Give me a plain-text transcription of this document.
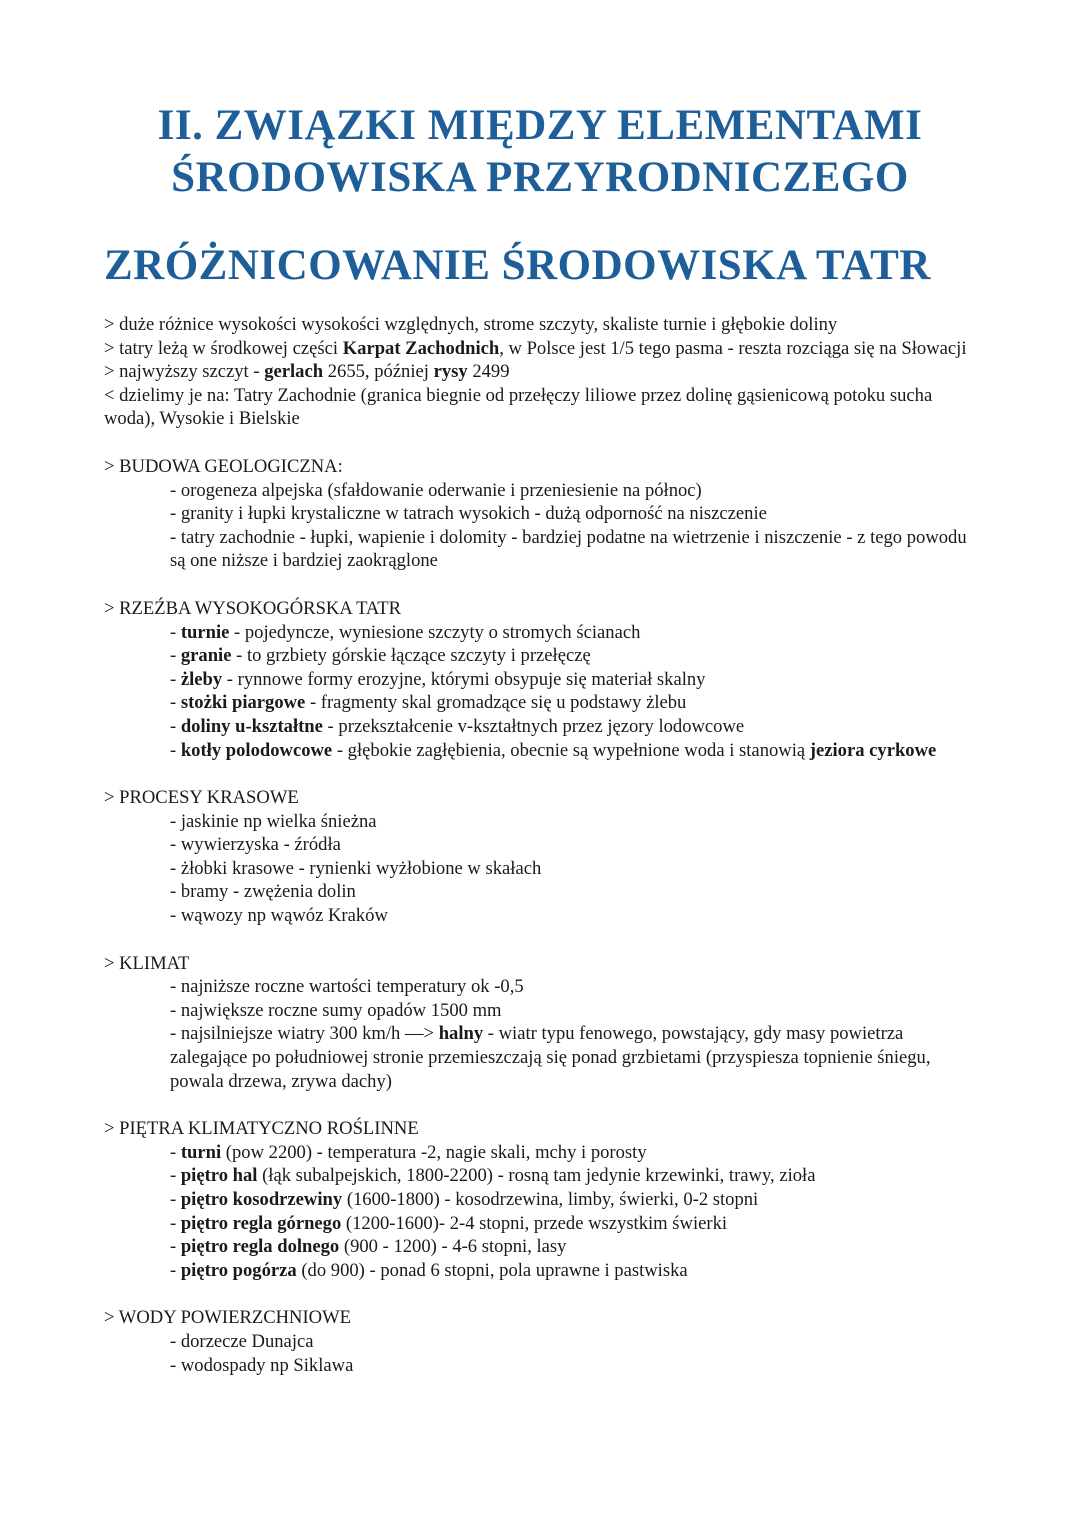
II. ZWIĄZKI MIĘDZY ELEMENTAMI
ŚRODOWISKA PRZYRODNICZEGO
ZRÓŻNICOWANIE ŚRODOWISKA TATR

> duże różnice wysokości wysokości względnych, strome szczyty, skaliste turnie i głębokie doliny

> tatry leżą w środkowej części Karpat Zachodnich, w Polsce jest 1/5 tego pasma - reszta rozciąga się na Słowacji

> najwyższy szczyt - gerlach 2655, później rysy 2499

< dzielimy je na: Tatry Zachodnie (granica biegnie od przełęczy liliowe przez dolinę gąsienicową potoku sucha woda), Wysokie i Bielskie

> BUDOWA GEOLOGICZNA:

- orogeneza alpejska (sfałdowanie oderwanie i przeniesienie na północ)

- granity i łupki krystaliczne w tatrach wysokich - dużą odporność na niszczenie

- tatry zachodnie - łupki, wapienie i dolomity - bardziej podatne na wietrzenie i niszczenie - z tego powodu są one niższe i bardziej zaokrąglone

> RZEŹBA WYSOKOGÓRSKA TATR

- turnie - pojedyncze, wyniesione szczyty o stromych ścianach

- granie - to grzbiety górskie łączące szczyty i przełęczę

- żleby - rynnowe formy erozyjne, którymi obsypuje się materiał skalny

- stożki piargowe - fragmenty skal gromadzące się u podstawy żlebu

- doliny u-kształtne - przekształcenie v-kształtnych przez jęzory lodowcowe

- kotły polodowcowe - głębokie zagłębienia, obecnie są wypełnione woda i stanowią jeziora cyrkowe

> PROCESY KRASOWE

- jaskinie np wielka śnieżna

- wywierzyska - źródła

- żłobki krasowe - rynienki wyżłobione w skałach

- bramy - zwężenia dolin

- wąwozy np wąwóz Kraków

> KLIMAT

- najniższe roczne wartości temperatury ok -0,5

- największe roczne sumy opadów 1500 mm

- najsilniejsze wiatry 300 km/h —> halny - wiatr typu fenowego, powstający, gdy masy powietrza zalegające po południowej stronie przemieszczają się ponad grzbietami (przyspiesza topnienie śniegu, powala drzewa, zrywa dachy)

> PIĘTRA KLIMATYCZNO ROŚLINNE

- turni (pow 2200) - temperatura -2, nagie skali, mchy i porosty

- piętro hal (łąk subalpejskich, 1800-2200) - rosną tam jedynie krzewinki, trawy, zioła

- piętro kosodrzewiny (1600-1800) - kosodrzewina, limby, świerki, 0-2 stopni

- piętro regla górnego (1200-1600)- 2-4 stopni, przede wszystkim świerki

- piętro regla dolnego (900 - 1200) - 4-6 stopni, lasy

- piętro pogórza (do 900) - ponad 6 stopni, pola uprawne i pastwiska

> WODY POWIERZCHNIOWE

- dorzecze Dunajca

- wodospady np Siklawa
